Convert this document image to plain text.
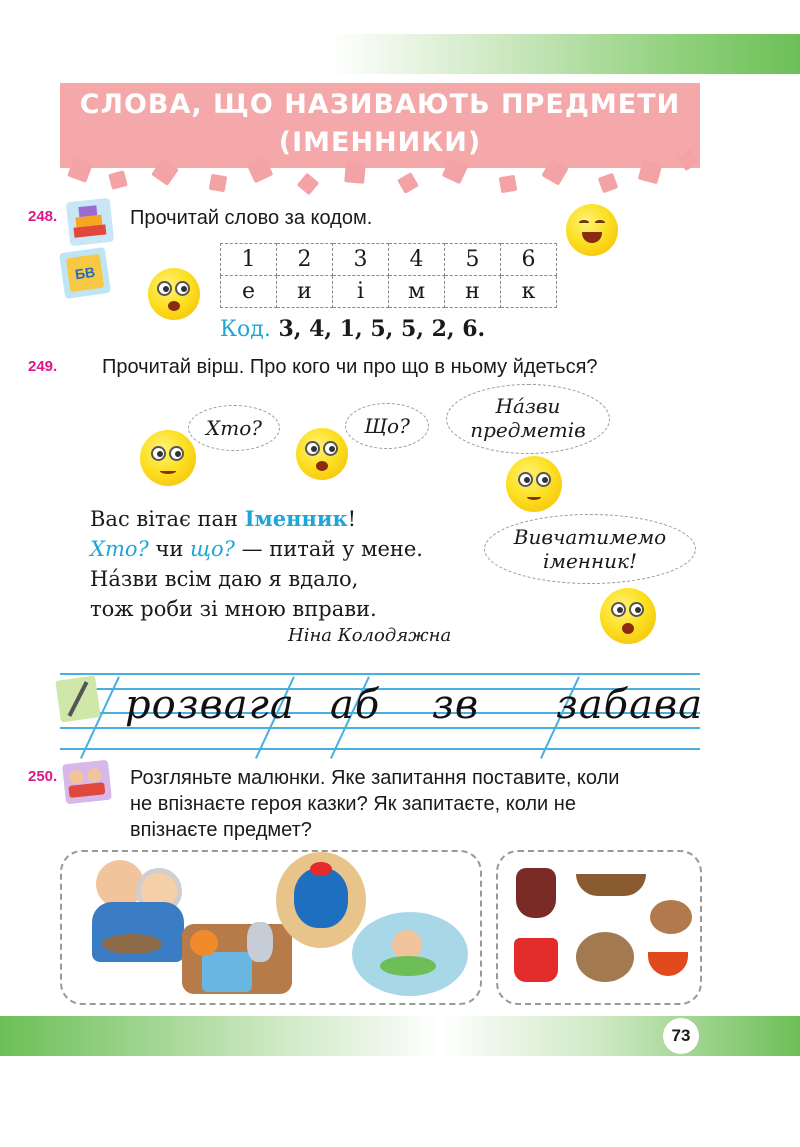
СЛОВА, ЩО НАЗИВАЮТЬ ПРЕДМЕТИ
(ІМЕННИКИ)
248.	Прочитай слово за кодом.
БВ
1	2	3	4	5	6
е	и	і	м	н	к
Код. 3, 4, 1, 5, 5, 2, 6.
249. Прочитай вірш. Про кого чи про що в ньому йдеться?
Хто?	Що?
На́зви
предметів
Вивчатимемо
іменник!
Вас вітає пан Іменник!
Хто? чи що? — питай у мене.
На́зви всім даю я вдало,
тож роби зі мною вправи.
Ніна Колодяжна
розвага аб зв забава
250.	Розгляньте малюнки. Яке запитання поставите, коли
не впізнаєте героя казки? Як запитаєте, коли не
впізнаєте предмет?
73
